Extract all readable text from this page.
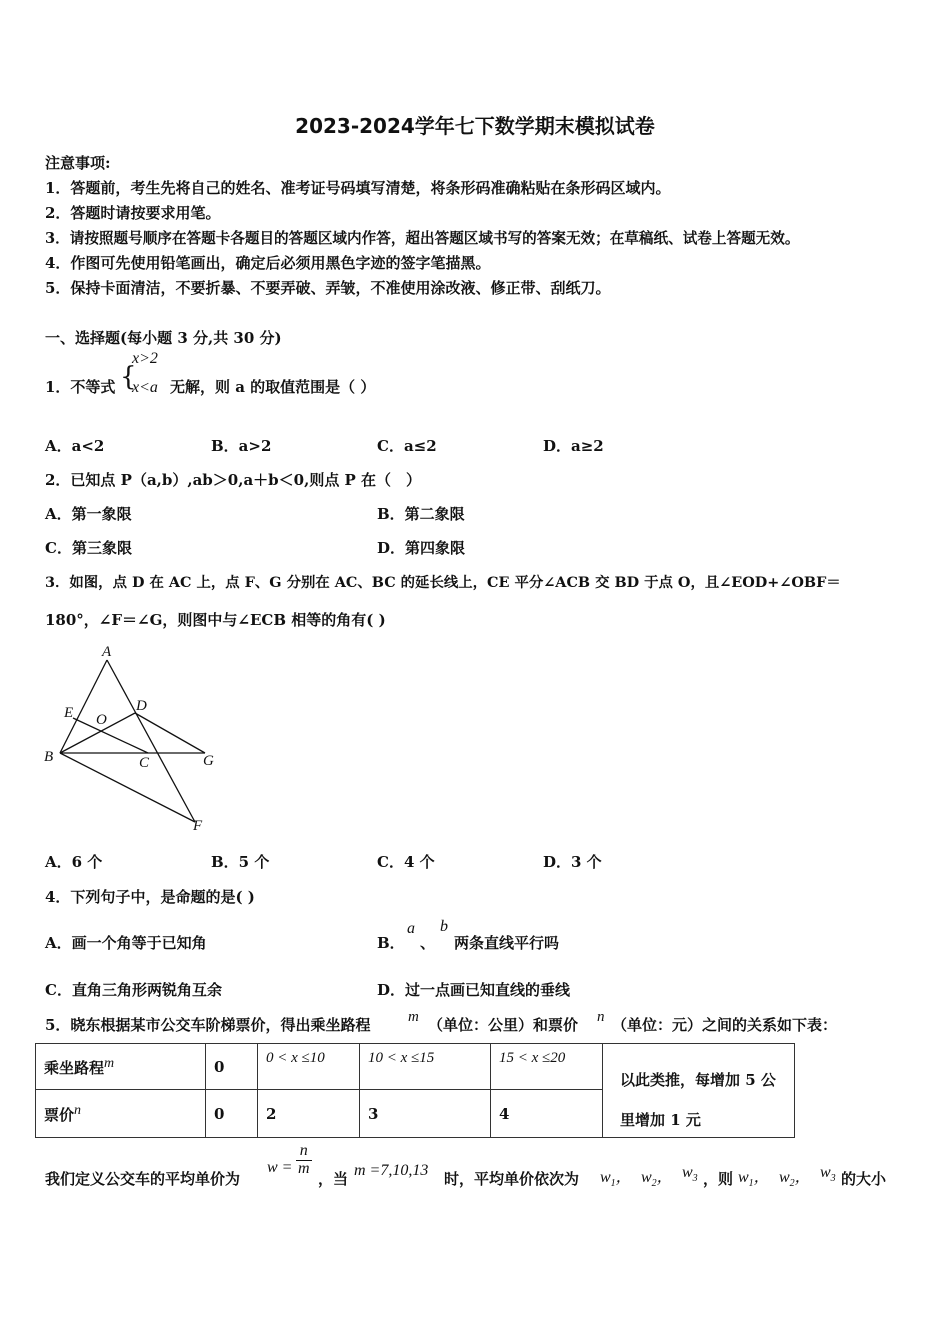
2023-2024学年七下数学期末模拟试卷
注意事项:
1．答题前，考生先将自己的姓名、准考证号码填写清楚，将条形码准确粘贴在条形码区域内。
2．答题时请按要求用笔。
3．请按照题号顺序在答题卡各题目的答题区域内作答，超出答题区域书写的答案无效；在草稿纸、试卷上答题无效。
4．作图可先使用铅笔画出，确定后必须用黑色字迹的签字笔描黑。
5．保持卡面清洁，不要折暴、不要弄破、弄皱，不准使用涂改液、修正带、刮纸刀。
一、选择题(每小题 3 分,共 30 分)
1．不等式 {
x>2
x<a 无解，则 a 的取值范围是（ ）
A．a<2	B．a>2	C．a≤2	D．a≥2
2．已知点 P（a,b）,ab＞0,a＋b＜0,则点 P 在（　）
A．第一象限	B．第二象限
C．第三象限	D．第四象限
3．如图，点 D 在 AC 上，点 F、G 分别在 AC、BC 的延长线上，CE 平分∠ACB 交 BD 于点 O，且∠EOD+∠OBF＝
180°，∠F＝∠G，则图中与∠ECB 相等的角有( )
A
E O
D
B	C	G
F
A．6 个	B．5 个	C．4 个	D．3 个
4．下列句子中，是命题的是( )
A．画一个角等于已知角	B．
a
、
b
两条直线平行吗
C．直角三角形两锐角互余	D．过一点画已知直线的垂线
5．晓东根据某市公交车阶梯票价，得出乘坐路程	m （单位：公里）和票价 n （单位：元）之间的关系如下表：
乘坐路程m	0	0 < x ≤10	10 < x ≤15	15 < x ≤20	
票价n	0	2	3	4	
以此类推，每增加 5 公里增加 1 元
我们定义公交车的平均单价为
$w = \frac{n}{m}$
，当 m =7,10,13 时，平均单价依次为 $w_1$， $w_2$， $w_3$ ，则 $w_1$， $w_2$， $w_3$ 的大小
